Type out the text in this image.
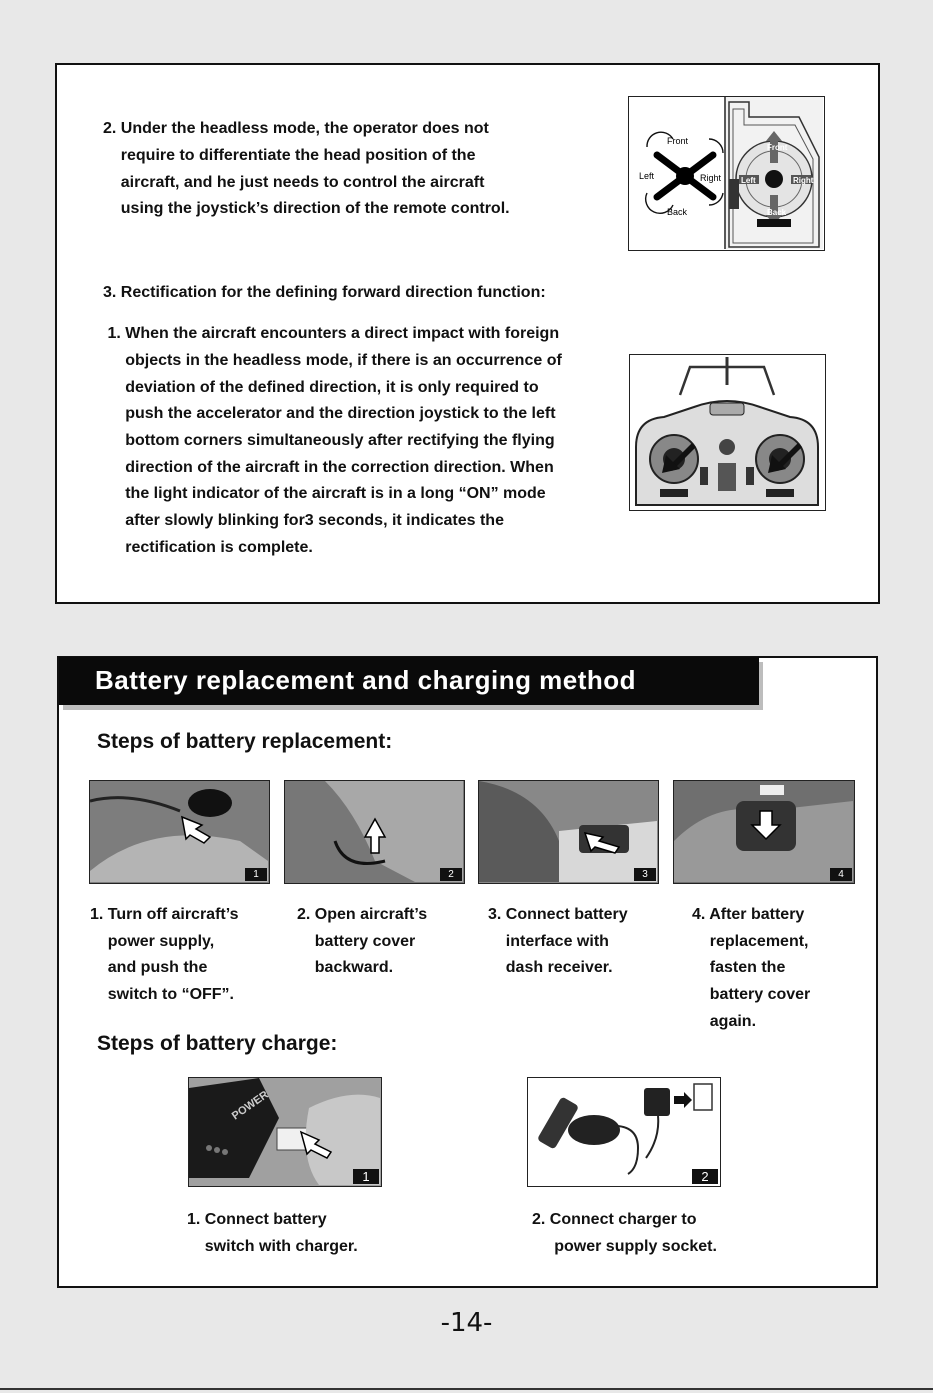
2. Under the headless mode, the operator does not
require to differentiate the head position of the
aircraft, and he just needs to control the aircraft
using the joystick’s direction of the remote control.
Front
Back
Left	Right
Front
Back
Left	Right
3. Rectification for the defining forward direction function:
1. When the aircraft encounters a direct impact with foreign
objects in the headless mode, if there is an occurrence of
deviation of the defined direction, it is only required to
push the accelerator and the direction joystick to the left
bottom corners simultaneously after rectifying the flying
direction of the aircraft in the correction direction. When
the light indicator of the aircraft is in a long “ON” mode
after slowly blinking for3 seconds, it indicates the
rectification is complete.
Battery replacement and charging method
Steps of battery replacement:
1	2	3	4
1. Turn off aircraft’s
power supply,
and push the
switch to “OFF”.
2. Open aircraft’s
battery cover
backward.
3. Connect battery
interface with
dash receiver.
4. After battery
replacement,
fasten the
battery cover
again.
Steps of battery charge:
POWER
1	2
1. Connect battery
switch with charger.
2. Connect charger to
power supply socket.
-14-
